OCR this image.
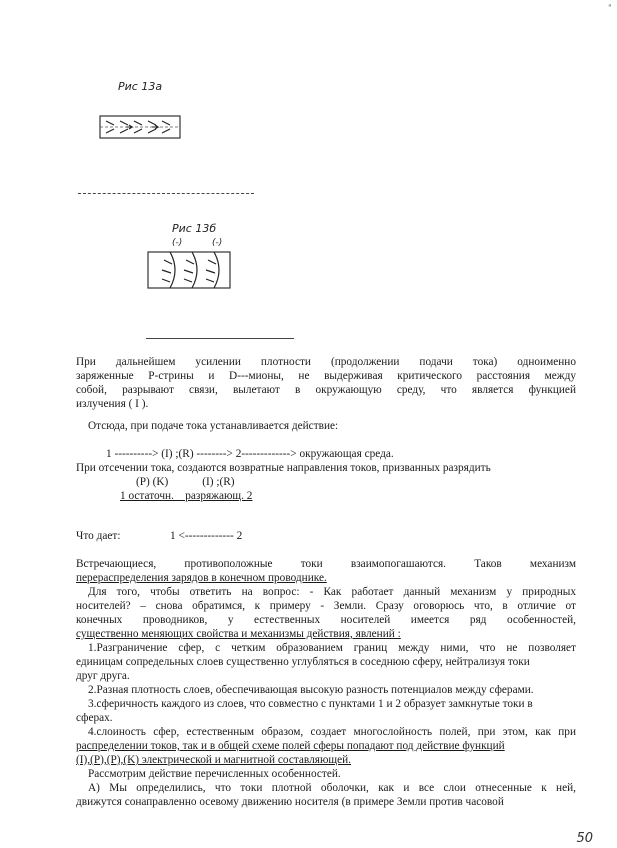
ª
Рис 13а
Рис 13б
(-)	(-)
При дальнейшем усилении плотности (продолжении подачи тока) одноименно
заряженные Р-стрины и D---мионы, не выдерживая критического расстояния между
собой, разрывают связи, вылетают в окружающую среду, что является функцией
излучения ( I ).
Отсюда, при подаче тока устанавливается действие:
1 ----------> (I) ;(R) --------> 2-------------> окружающая среда.
При отсечении тока, создаются возвратные направления токов, призванных разрядить
(P) (K)            (I) ;(R)
1 остаточн.    разряжающ. 2
Что дает:	1 <------------- 2
Встречающиеся, противоположные токи взаимопогашаются. Таков механизм
перераспределения зарядов в конечном проводнике.
Для того, чтобы ответить на вопрос: - Как работает данный механизм у природных
носителей? – снова обратимся, к примеру - Земли. Сразу оговорюсь что, в отличие от
конечных проводников, у естественных носителей имеется ряд особенностей,
существенно меняющих свойства и механизмы действия, явлений :
1.Разграничение сфер, с четким образованием границ между ними, что не позволяет
единицам сопредельных слоев существенно углубляться в соседнюю сферу, нейтрализуя токи
друг друга.
2.Разная плотность слоев, обеспечивающая высокую разность потенциалов между сферами.
3.сферичность каждого из слоев, что совместно с пунктами 1 и 2 образует замкнутые токи в
сферах.
4.слоиность сфер, естественным образом, создает многослойность полей, при этом, как при
распределении токов, так и в общей схеме полей сферы попадают под действие функций
(I),(P),(P),(K) электрической и магнитной составляющей.
Рассмотрим действие перечисленных особенностей.
А) Мы определились, что токи плотной оболочки, как и все слои отнесенные к ней,
движутся сонаправленно осевому движению носителя (в примере Земли против часовой
50
